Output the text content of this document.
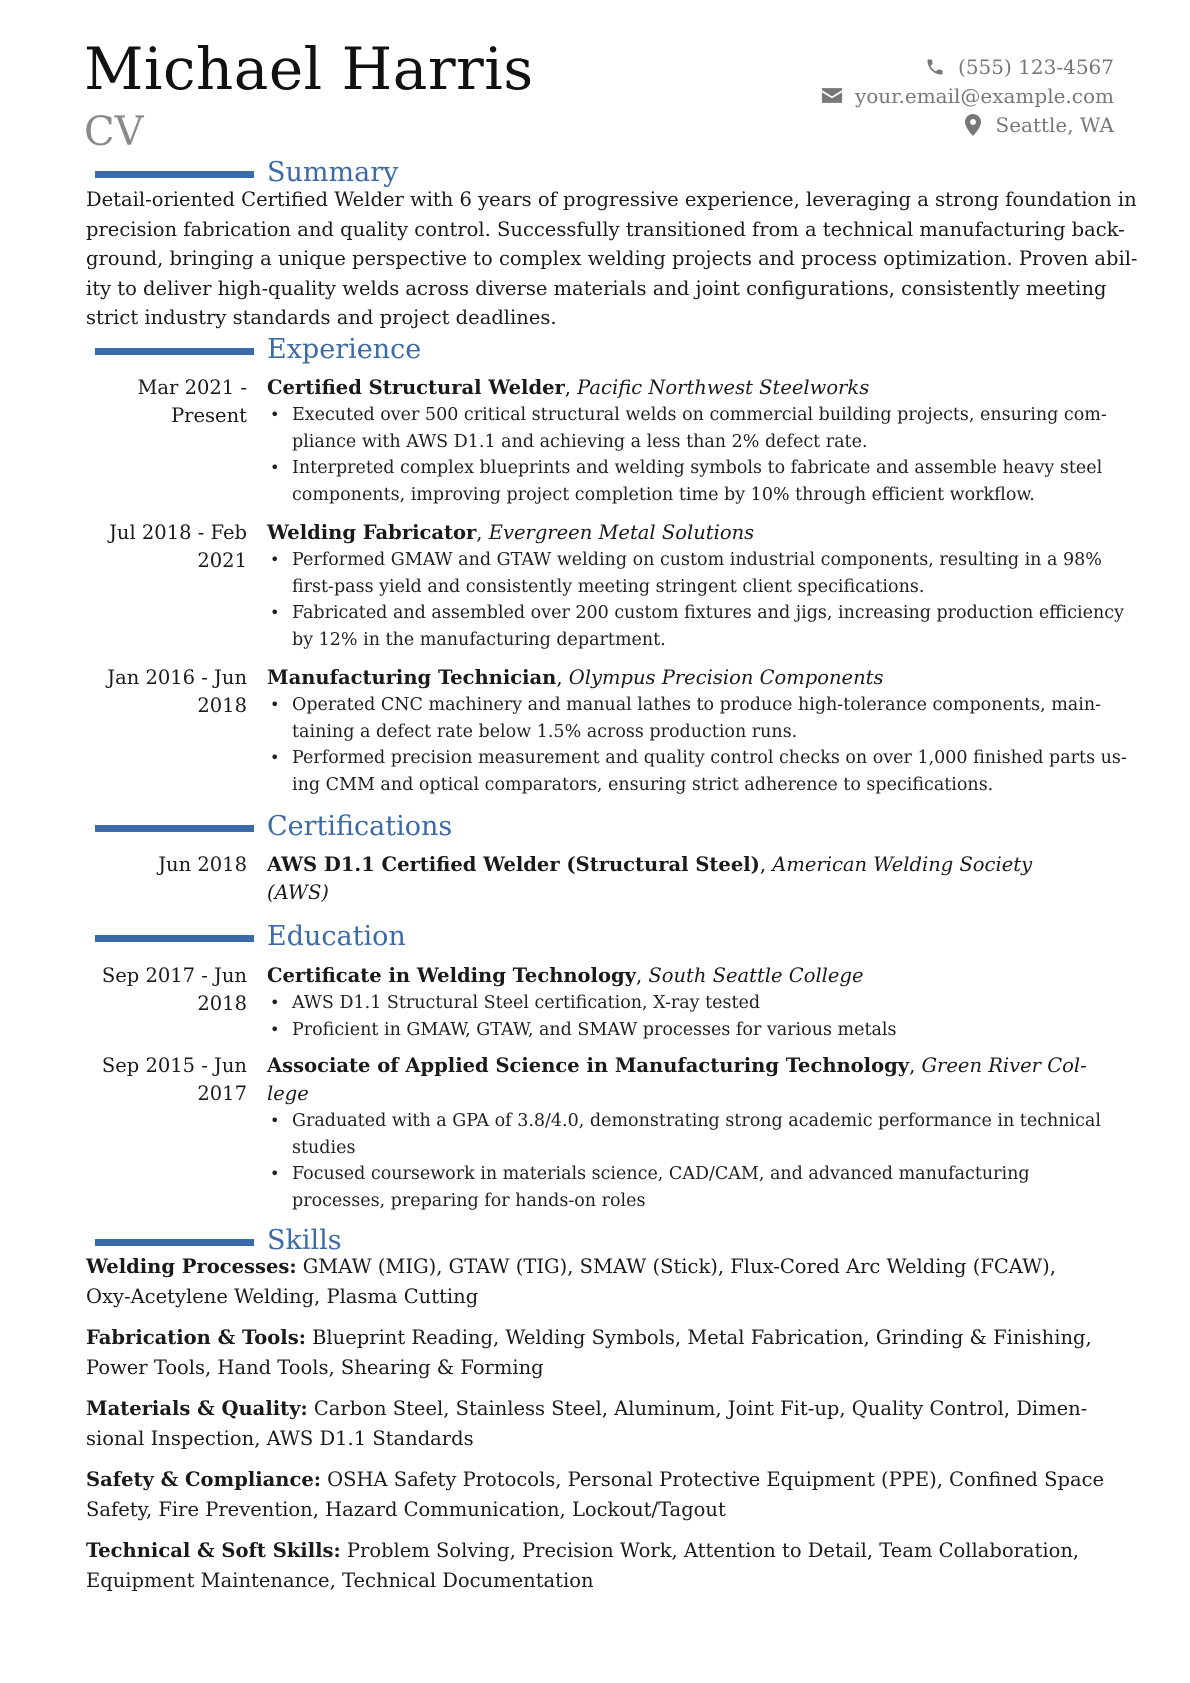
Michael Harris
CV
(555) 123-4567
your.email@example.com
Seattle, WA
Summary
Detail-oriented Certified Welder with 6 years of progressive experience, leveraging a strong foundation in
precision fabrication and quality control. Successfully transitioned from a technical manufacturing back-
ground, bringing a unique perspective to complex welding projects and process optimization. Proven abil-
ity to deliver high-quality welds across diverse materials and joint configurations, consistently meeting
strict industry standards and project deadlines.
Experience
Mar 2021 -
Present
Certified Structural Welder, Pacific Northwest Steelworks
• Executed over 500 critical structural welds on commercial building projects, ensuring com-
pliance with AWS D1.1 and achieving a less than 2% defect rate.
• Interpreted complex blueprints and welding symbols to fabricate and assemble heavy steel
components, improving project completion time by 10% through efficient workflow.
Jul 2018 - Feb
2021
Welding Fabricator, Evergreen Metal Solutions
• Performed GMAW and GTAW welding on custom industrial components, resulting in a 98%
first-pass yield and consistently meeting stringent client specifications.
• Fabricated and assembled over 200 custom fixtures and jigs, increasing production efficiency
by 12% in the manufacturing department.
Jan 2016 - Jun
2018
Manufacturing Technician, Olympus Precision Components
• Operated CNC machinery and manual lathes to produce high-tolerance components, main-
taining a defect rate below 1.5% across production runs.
• Performed precision measurement and quality control checks on over 1,000 finished parts us-
ing CMM and optical comparators, ensuring strict adherence to specifications.
Certifications
Jun 2018 AWS D1.1 Certified Welder (Structural Steel), American Welding Society
(AWS)
Education
Sep 2017 - Jun
2018
Certificate in Welding Technology, South Seattle College
• AWS D1.1 Structural Steel certification, X-ray tested
• Proficient in GMAW, GTAW, and SMAW processes for various metals
Sep 2015 - Jun
2017
Associate of Applied Science in Manufacturing Technology, Green River Col-
lege
• Graduated with a GPA of 3.8/4.0, demonstrating strong academic performance in technical
studies
• Focused coursework in materials science, CAD/CAM, and advanced manufacturing
processes, preparing for hands-on roles
Skills
Welding Processes: GMAW (MIG), GTAW (TIG), SMAW (Stick), Flux-Cored Arc Welding (FCAW),
Oxy-Acetylene Welding, Plasma Cutting
Fabrication & Tools: Blueprint Reading, Welding Symbols, Metal Fabrication, Grinding & Finishing,
Power Tools, Hand Tools, Shearing & Forming
Materials & Quality: Carbon Steel, Stainless Steel, Aluminum, Joint Fit-up, Quality Control, Dimen-
sional Inspection, AWS D1.1 Standards
Safety & Compliance: OSHA Safety Protocols, Personal Protective Equipment (PPE), Confined Space
Safety, Fire Prevention, Hazard Communication, Lockout/Tagout
Technical & Soft Skills: Problem Solving, Precision Work, Attention to Detail, Team Collaboration,
Equipment Maintenance, Technical Documentation
